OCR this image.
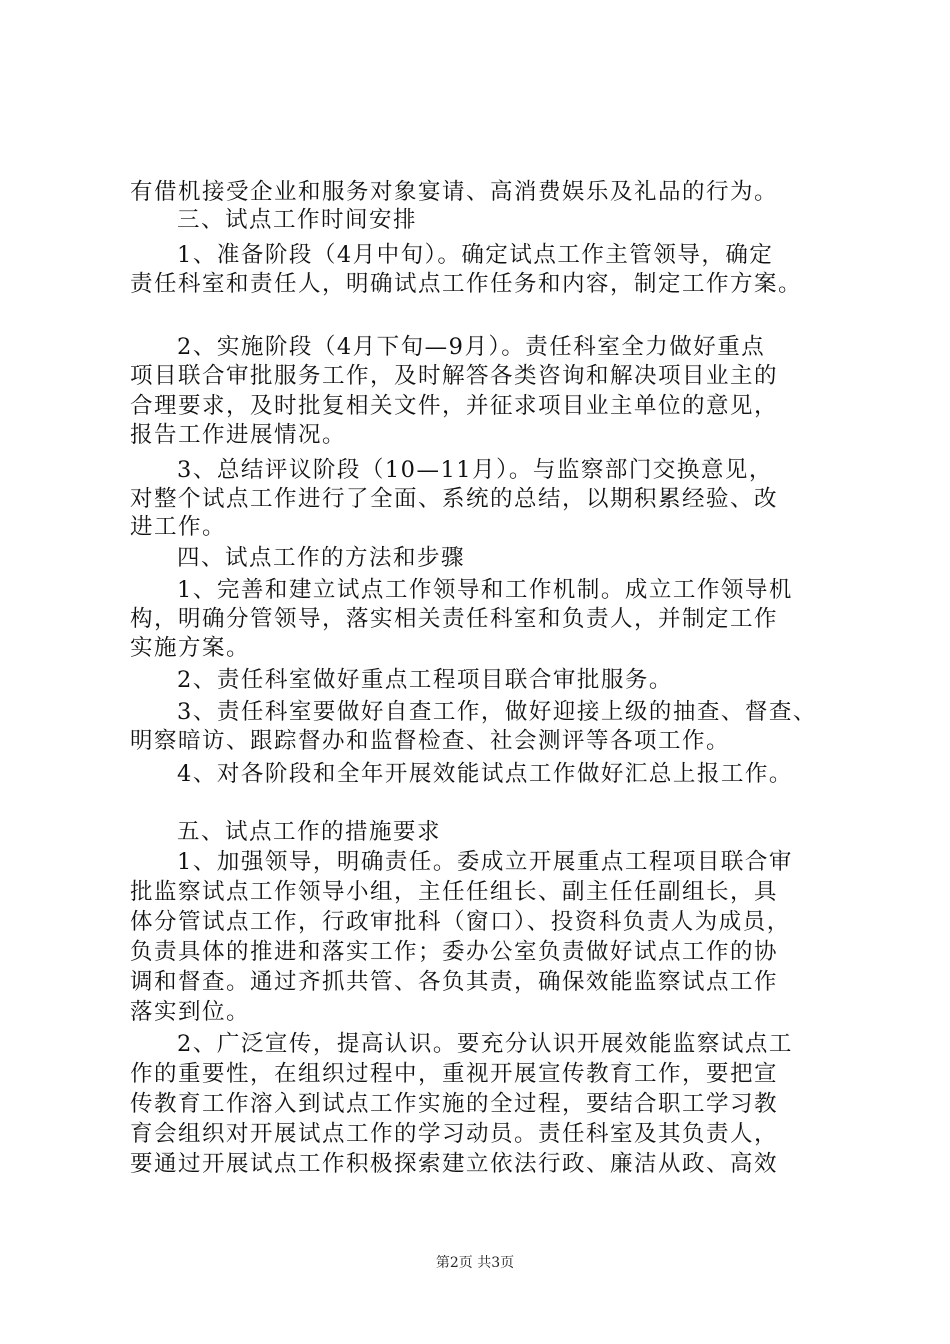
有借机接受企业和服务对象宴请、高消费娱乐及礼品的行为。
三、试点工作时间安排
1、准备阶段（4月中旬）。确定试点工作主管领导，确定
责任科室和责任人，明确试点工作任务和内容，制定工作方案。
2、实施阶段（4月下旬—9月）。责任科室全力做好重点
项目联合审批服务工作，及时解答各类咨询和解决项目业主的
合理要求，及时批复相关文件，并征求项目业主单位的意见，
报告工作进展情况。
3、总结评议阶段（10—11月）。与监察部门交换意见，
对整个试点工作进行了全面、系统的总结，以期积累经验、改
进工作。
四、试点工作的方法和步骤
1、完善和建立试点工作领导和工作机制。成立工作领导机
构，明确分管领导，落实相关责任科室和负责人，并制定工作
实施方案。
2、责任科室做好重点工程项目联合审批服务。
3、责任科室要做好自查工作，做好迎接上级的抽查、督查、
明察暗访、跟踪督办和监督检查、社会测评等各项工作。
4、对各阶段和全年开展效能试点工作做好汇总上报工作。
五、试点工作的措施要求
1、加强领导，明确责任。委成立开展重点工程项目联合审
批监察试点工作领导小组，主任任组长、副主任任副组长，具
体分管试点工作，行政审批科（窗口）、投资科负责人为成员，
负责具体的推进和落实工作；委办公室负责做好试点工作的协
调和督查。通过齐抓共管、各负其责，确保效能监察试点工作
落实到位。
2、广泛宣传，提高认识。要充分认识开展效能监察试点工
作的重要性，在组织过程中，重视开展宣传教育工作，要把宣
传教育工作溶入到试点工作实施的全过程，要结合职工学习教
育会组织对开展试点工作的学习动员。责任科室及其负责人，
要通过开展试点工作积极探索建立依法行政、廉洁从政、高效
第2页 共3页
